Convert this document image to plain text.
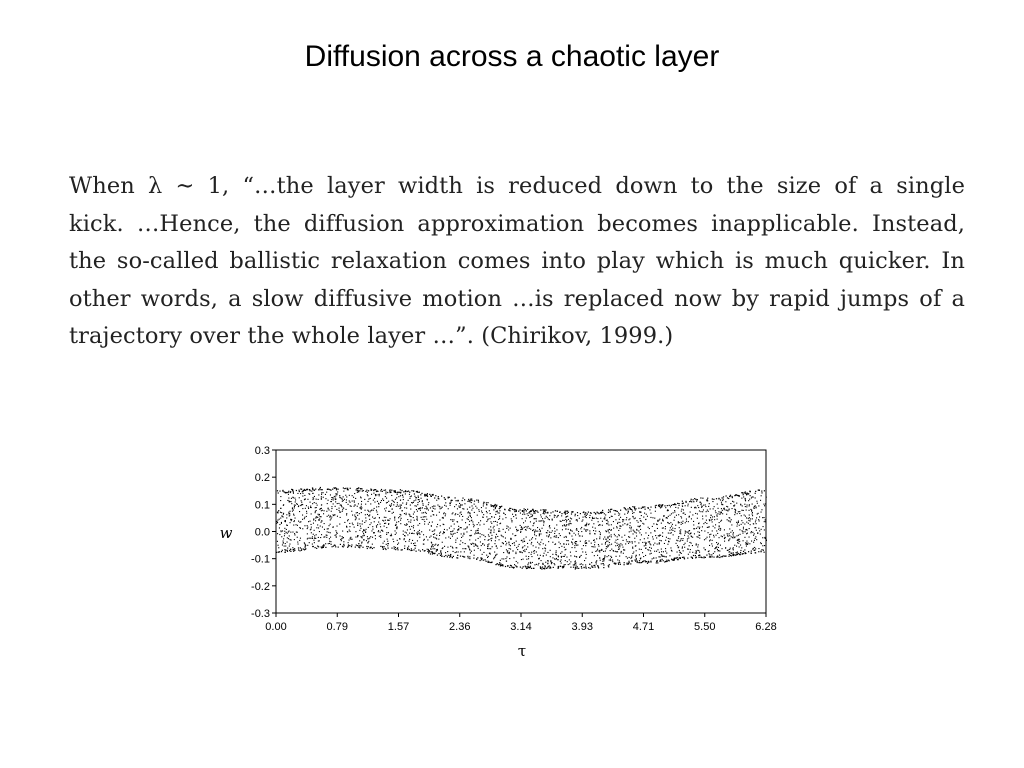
Diffusion across a chaotic layer
When λ ∼ 1, “…the layer width is reduced down to the size of a single
kick. …Hence, the diffusion approximation becomes inapplicable. Instead,
the so-called ballistic relaxation comes into play which is much quicker. In
other words, a slow diffusive motion …is replaced now by rapid jumps of a
trajectory over the whole layer …”. (Chirikov, 1999.)
0.3
0.2
0.1
0.0
-0.1
-0.2
-0.3
0.00	0.79	1.57	2.36	3.14	3.93	4.71	5.50	6.28
w
τ
